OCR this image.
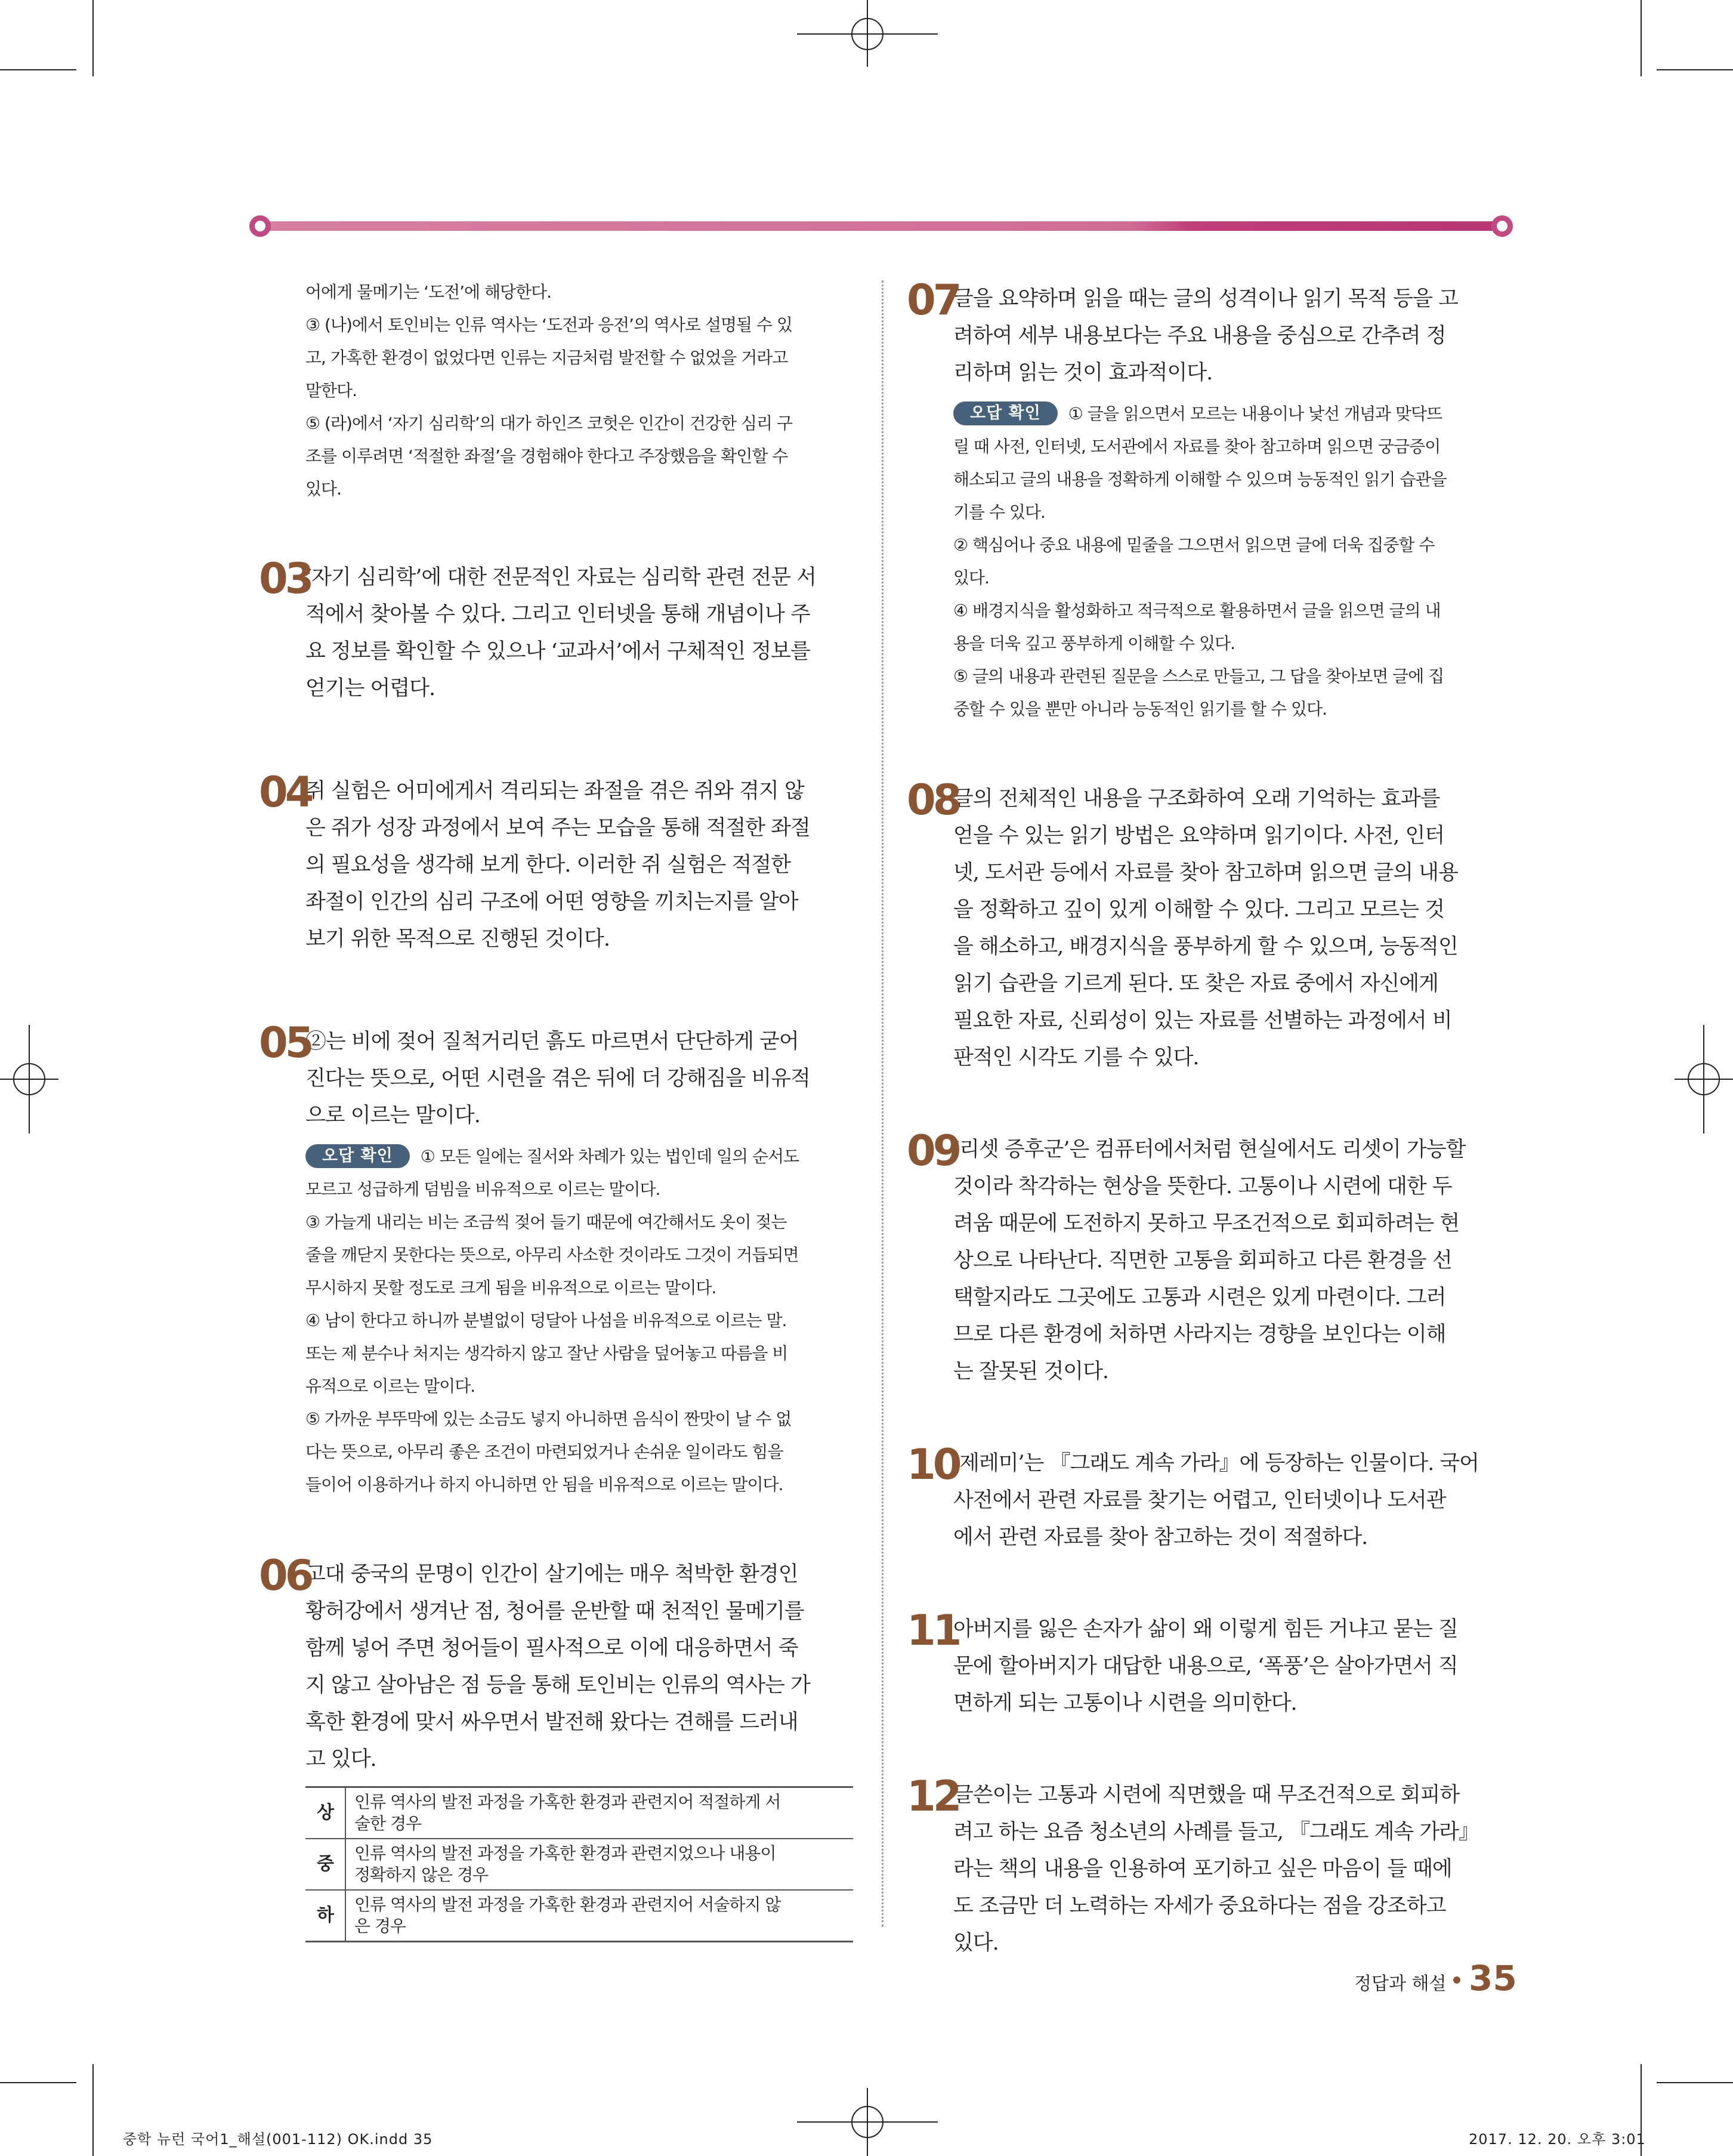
어에게 물메기는 ‘도전’에 해당한다.

③ (나)에서 토인비는 인류 역사는 ‘도전과 응전’의 역사로 설명될 수 있

고, 가혹한 환경이 없었다면 인류는 지금처럼 발전할 수 없었을 거라고

말한다.

⑤ (라)에서 ‘자기 심리학’의 대가 하인즈 코헛은 인간이 건강한 심리 구

조를 이루려면 ‘적절한 좌절’을 경험해야 한다고 주장했음을 확인할 수

있다.

03
‘자기 심리학’에 대한 전문적인 자료는 심리학 관련 전문 서
적에서 찾아볼 수 있다. 그리고 인터넷을 통해 개념이나 주
요 정보를 확인할 수 있으나 ‘교과서’에서 구체적인 정보를
얻기는 어렵다.
04
쥐 실험은 어미에게서 격리되는 좌절을 겪은 쥐와 겪지 않
은 쥐가 성장 과정에서 보여 주는 모습을 통해 적절한 좌절
의 필요성을 생각해 보게 한다. 이러한 쥐 실험은 적절한
좌절이 인간의 심리 구조에 어떤 영향을 끼치는지를 알아
보기 위한 목적으로 진행된 것이다.
05
②는 비에 젖어 질척거리던 흙도 마르면서 단단하게 굳어
진다는 뜻으로, 어떤 시련을 겪은 뒤에 더 강해짐을 비유적
으로 이르는 말이다.

오답 확인 ① 모든 일에는 질서와 차례가 있는 법인데 일의 순서도

모르고 성급하게 덤빔을 비유적으로 이르는 말이다.

③ 가늘게 내리는 비는 조금씩 젖어 들기 때문에 여간해서도 옷이 젖는

줄을 깨닫지 못한다는 뜻으로, 아무리 사소한 것이라도 그것이 거듭되면

무시하지 못할 정도로 크게 됨을 비유적으로 이르는 말이다.

④ 남이 한다고 하니까 분별없이 덩달아 나섬을 비유적으로 이르는 말.

또는 제 분수나 처지는 생각하지 않고 잘난 사람을 덮어놓고 따름을 비

유적으로 이르는 말이다.

⑤ 가까운 부뚜막에 있는 소금도 넣지 아니하면 음식이 짠맛이 날 수 없

다는 뜻으로, 아무리 좋은 조건이 마련되었거나 손쉬운 일이라도 힘을

들이어 이용하거나 하지 아니하면 안 됨을 비유적으로 이르는 말이다.

06
고대 중국의 문명이 인간이 살기에는 매우 척박한 환경인
황허강에서 생겨난 점, 청어를 운반할 때 천적인 물메기를
함께 넣어 주면 청어들이 필사적으로 이에 대응하면서 죽
지 않고 살아남은 점 등을 통해 토인비는 인류의 역사는 가
혹한 환경에 맞서 싸우면서 발전해 왔다는 견해를 드러내
고 있다.
상	인류 역사의 발전 과정을 가혹한 환경과 관련지어 적절하게 서
술한 경우

중	인류 역사의 발전 과정을 가혹한 환경과 관련지었으나 내용이
정확하지 않은 경우

하	인류 역사의 발전 과정을 가혹한 환경과 관련지어 서술하지 않
은 경우
07
글을 요약하며 읽을 때는 글의 성격이나 읽기 목적 등을 고
려하여 세부 내용보다는 주요 내용을 중심으로 간추려 정
리하며 읽는 것이 효과적이다.

오답 확인 ① 글을 읽으면서 모르는 내용이나 낯선 개념과 맞닥뜨

릴 때 사전, 인터넷, 도서관에서 자료를 찾아 참고하며 읽으면 궁금증이

해소되고 글의 내용을 정확하게 이해할 수 있으며 능동적인 읽기 습관을

기를 수 있다.

② 핵심어나 중요 내용에 밑줄을 그으면서 읽으면 글에 더욱 집중할 수

있다.

④ 배경지식을 활성화하고 적극적으로 활용하면서 글을 읽으면 글의 내

용을 더욱 깊고 풍부하게 이해할 수 있다.

⑤ 글의 내용과 관련된 질문을 스스로 만들고, 그 답을 찾아보면 글에 집

중할 수 있을 뿐만 아니라 능동적인 읽기를 할 수 있다.

08
글의 전체적인 내용을 구조화하여 오래 기억하는 효과를
얻을 수 있는 읽기 방법은 요약하며 읽기이다. 사전, 인터
넷, 도서관 등에서 자료를 찾아 참고하며 읽으면 글의 내용
을 정확하고 깊이 있게 이해할 수 있다. 그리고 모르는 것
을 해소하고, 배경지식을 풍부하게 할 수 있으며, 능동적인
읽기 습관을 기르게 된다. 또 찾은 자료 중에서 자신에게
필요한 자료, 신뢰성이 있는 자료를 선별하는 과정에서 비
판적인 시각도 기를 수 있다.
09
‘리셋 증후군’은 컴퓨터에서처럼 현실에서도 리셋이 가능할
것이라 착각하는 현상을 뜻한다. 고통이나 시련에 대한 두
려움 때문에 도전하지 못하고 무조건적으로 회피하려는 현
상으로 나타난다. 직면한 고통을 회피하고 다른 환경을 선
택할지라도 그곳에도 고통과 시련은 있게 마련이다. 그러
므로 다른 환경에 처하면 사라지는 경향을 보인다는 이해
는 잘못된 것이다.
10
‘제레미’는 『그래도 계속 가라』에 등장하는 인물이다. 국어
사전에서 관련 자료를 찾기는 어렵고, 인터넷이나 도서관
에서 관련 자료를 찾아 참고하는 것이 적절하다.
11
아버지를 잃은 손자가 삶이 왜 이렇게 힘든 거냐고 묻는 질
문에 할아버지가 대답한 내용으로, ‘폭풍’은 살아가면서 직
면하게 되는 고통이나 시련을 의미한다.
12
글쓴이는 고통과 시련에 직면했을 때 무조건적으로 회피하
려고 하는 요즘 청소년의 사례를 들고, 『그래도 계속 가라』
라는 책의 내용을 인용하여 포기하고 싶은 마음이 들 때에
도 조금만 더 노력하는 자세가 중요하다는 점을 강조하고
있다.
정답과 해설 35
중학 뉴런 국어1_해설(001-112) OK.indd 35	2017. 12. 20. 오후 3:01
